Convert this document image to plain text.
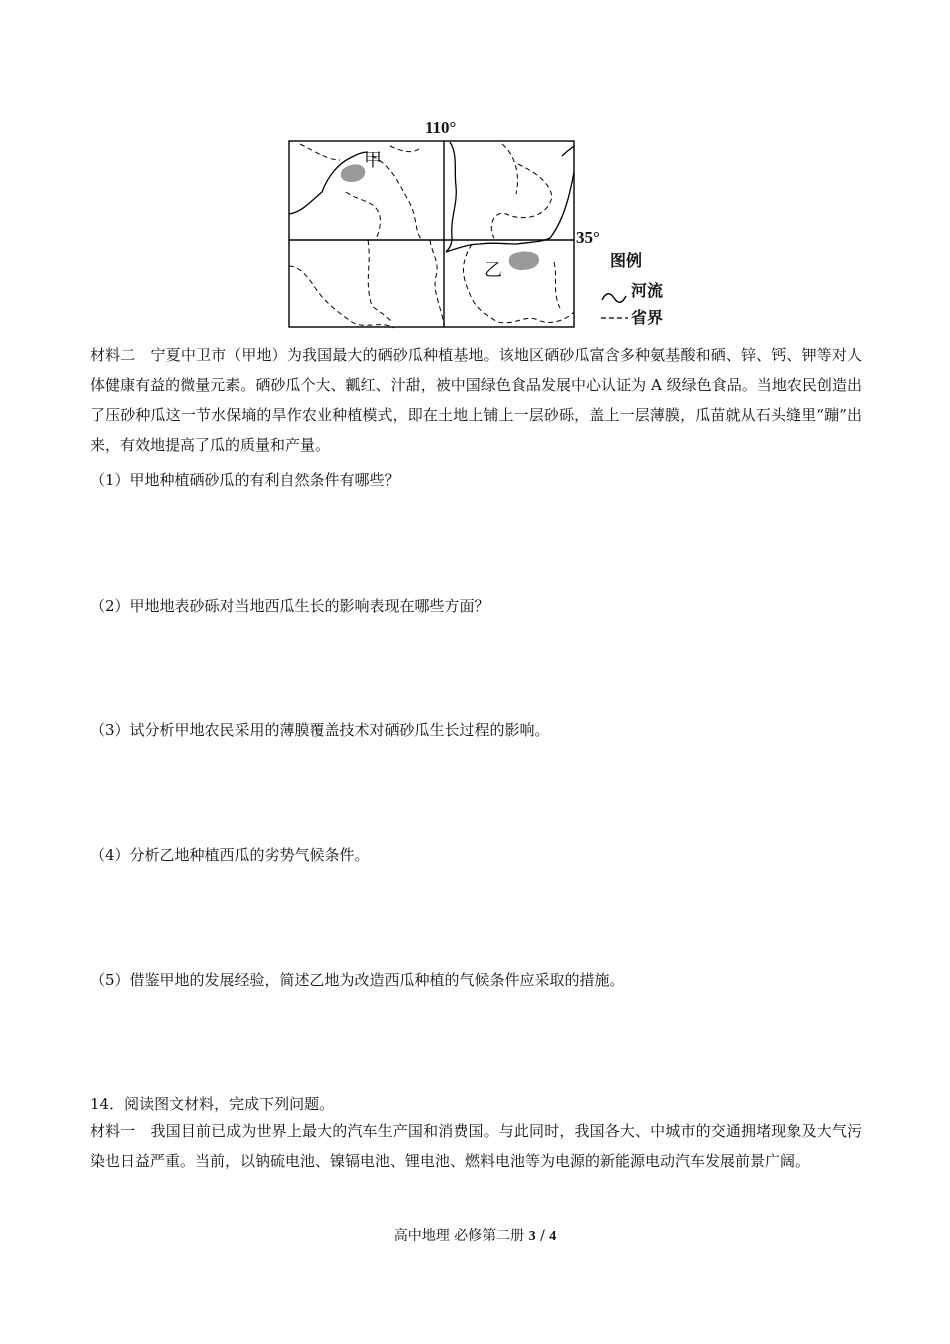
110°
35°
甲
乙	图例
河流
省界

材料二　宁夏中卫市（甲地）为我国最大的硒砂瓜种植基地。该地区硒砂瓜富含多种氨基酸和硒、锌、钙、钾等对人体健康有益的微量元素。硒砂瓜个大、瓤红、汁甜，被中国绿色食品发展中心认证为 A 级绿色食品。当地农民创造出了压砂种瓜这一节水保墒的旱作农业种植模式，即在土地上铺上一层砂砾，盖上一层薄膜，瓜苗就从石头缝里“蹦”出来，有效地提高了瓜的质量和产量。

（1）甲地种植硒砂瓜的有利自然条件有哪些？

（2）甲地地表砂砾对当地西瓜生长的影响表现在哪些方面？

（3）试分析甲地农民采用的薄膜覆盖技术对硒砂瓜生长过程的影响。

（4）分析乙地种植西瓜的劣势气候条件。

（5）借鉴甲地的发展经验，简述乙地为改造西瓜种植的气候条件应采取的措施。

14．阅读图文材料，完成下列问题。

材料一　我国目前已成为世界上最大的汽车生产国和消费国。与此同时，我国各大、中城市的交通拥堵现象及大气污染也日益严重。当前，以钠硫电池、镍镉电池、锂电池、燃料电池等为电源的新能源电动汽车发展前景广阔。

高中地理 必修第二册 3 / 4
